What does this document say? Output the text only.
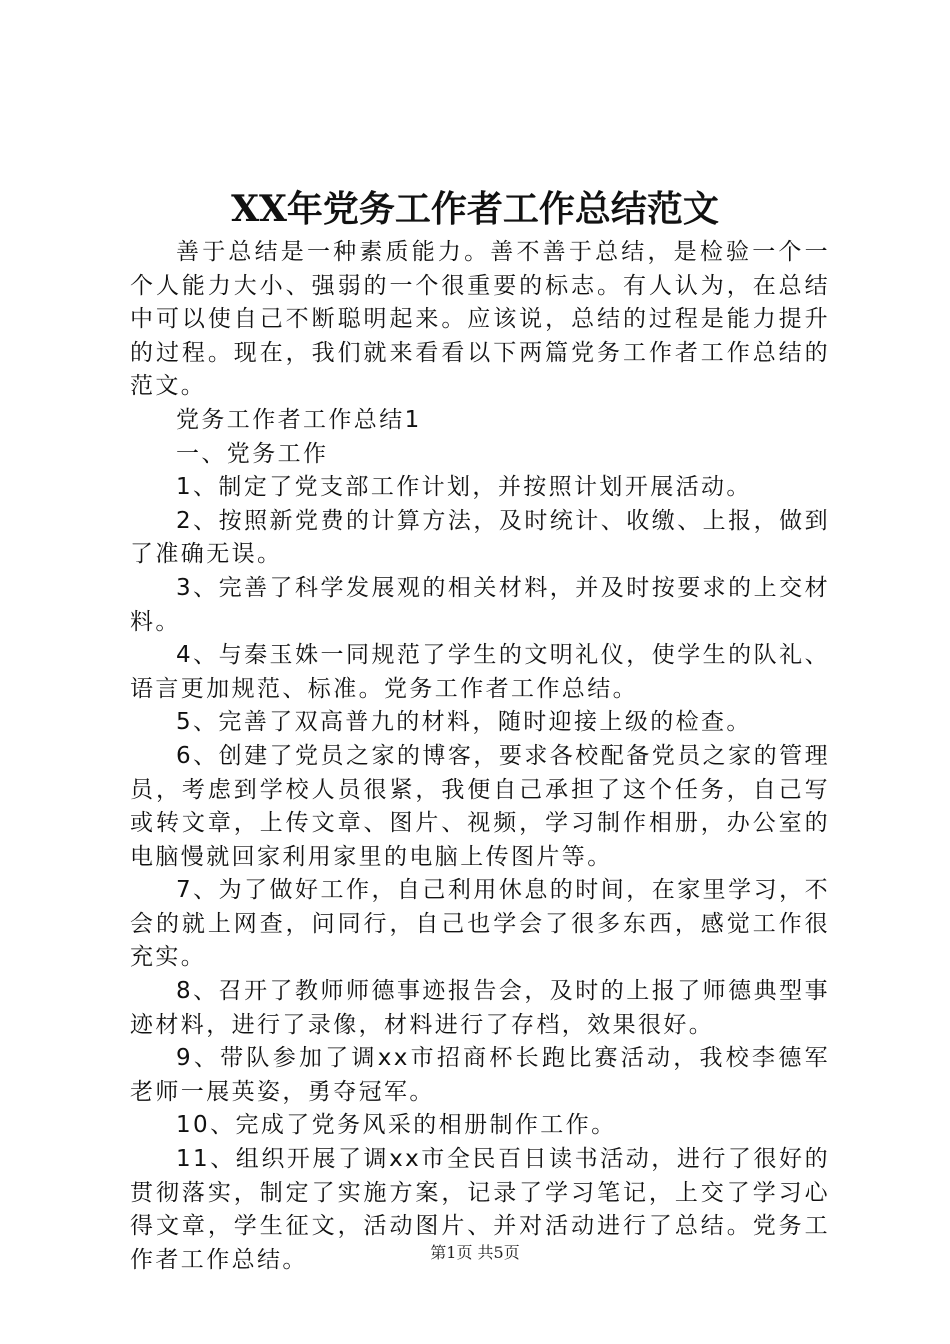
XX年党务工作者工作总结范文

善于总结是一种素质能力。善不善于总结，是检验一个一个人能力大小、强弱的一个很重要的标志。有人认为，在总结中可以使自己不断聪明起来。应该说，总结的过程是能力提升的过程。现在，我们就来看看以下两篇党务工作者工作总结的范文。

党务工作者工作总结1

一、党务工作

1、制定了党支部工作计划，并按照计划开展活动。

2、按照新党费的计算方法，及时统计、收缴、上报，做到了准确无误。

3、完善了科学发展观的相关材料，并及时按要求的上交材料。

4、与秦玉姝一同规范了学生的文明礼仪，使学生的队礼、语言更加规范、标准。党务工作者工作总结。

5、完善了双高普九的材料，随时迎接上级的检查。

6、创建了党员之家的博客，要求各校配备党员之家的管理员，考虑到学校人员很紧，我便自己承担了这个任务，自己写或转文章，上传文章、图片、视频，学习制作相册，办公室的电脑慢就回家利用家里的电脑上传图片等。

7、为了做好工作，自己利用休息的时间，在家里学习，不会的就上网查，问同行，自己也学会了很多东西，感觉工作很充实。

8、召开了教师师德事迹报告会，及时的上报了师德典型事迹材料，进行了录像，材料进行了存档，效果很好。

9、带队参加了调xx市招商杯长跑比赛活动，我校李德军老师一展英姿，勇夺冠军。

10、完成了党务风采的相册制作工作。

11、组织开展了调xx市全民百日读书活动，进行了很好的贯彻落实，制定了实施方案，记录了学习笔记，上交了学习心得文章，学生征文，活动图片、并对活动进行了总结。党务工作者工作总结。	第1页 共5页
